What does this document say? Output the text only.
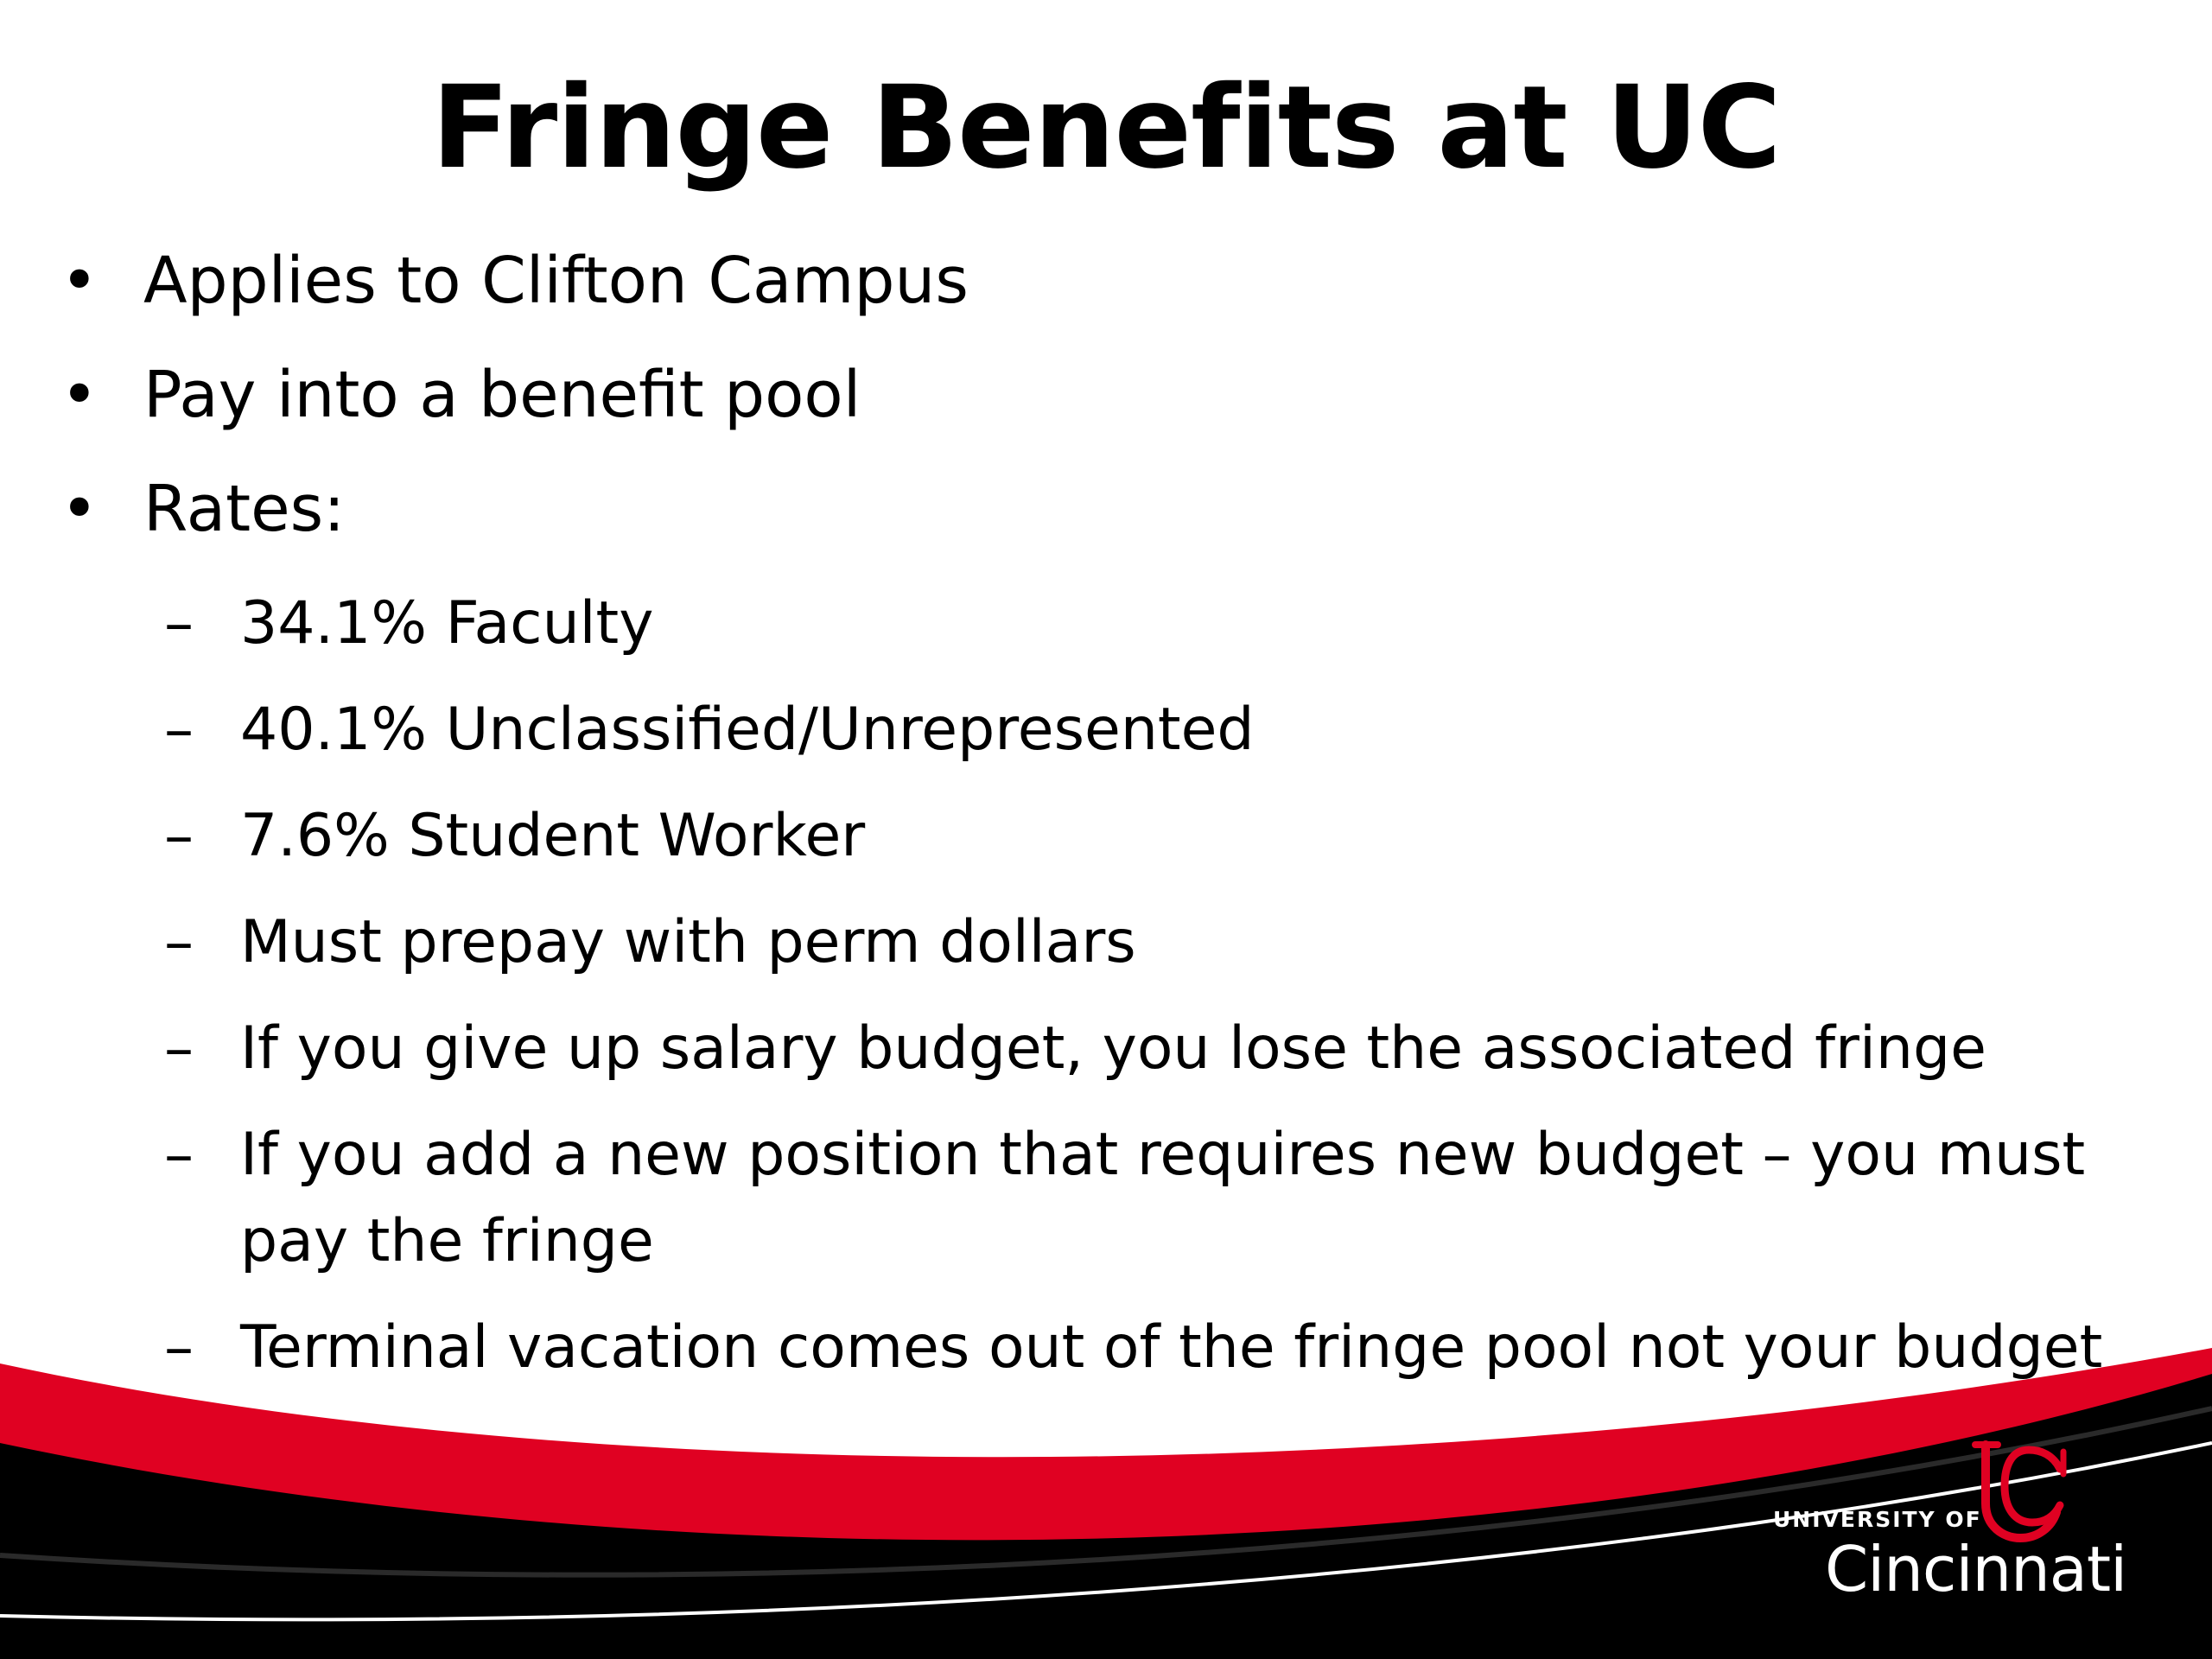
Fringe Benefits at UC
• Applies to Clifton Campus
• Pay into a benefit pool
• Rates:
– 34.1% Faculty
– 40.1% Unclassified/Unrepresented
– 7.6% Student Worker
– Must prepay with perm dollars
– If you give up salary budget, you lose the associated fringe
– If you add a new position that requires new budget – you must pay the fringe
– Terminal vacation comes out of the fringe pool not your budget
UNIVERSITY OF
Cincinnati
